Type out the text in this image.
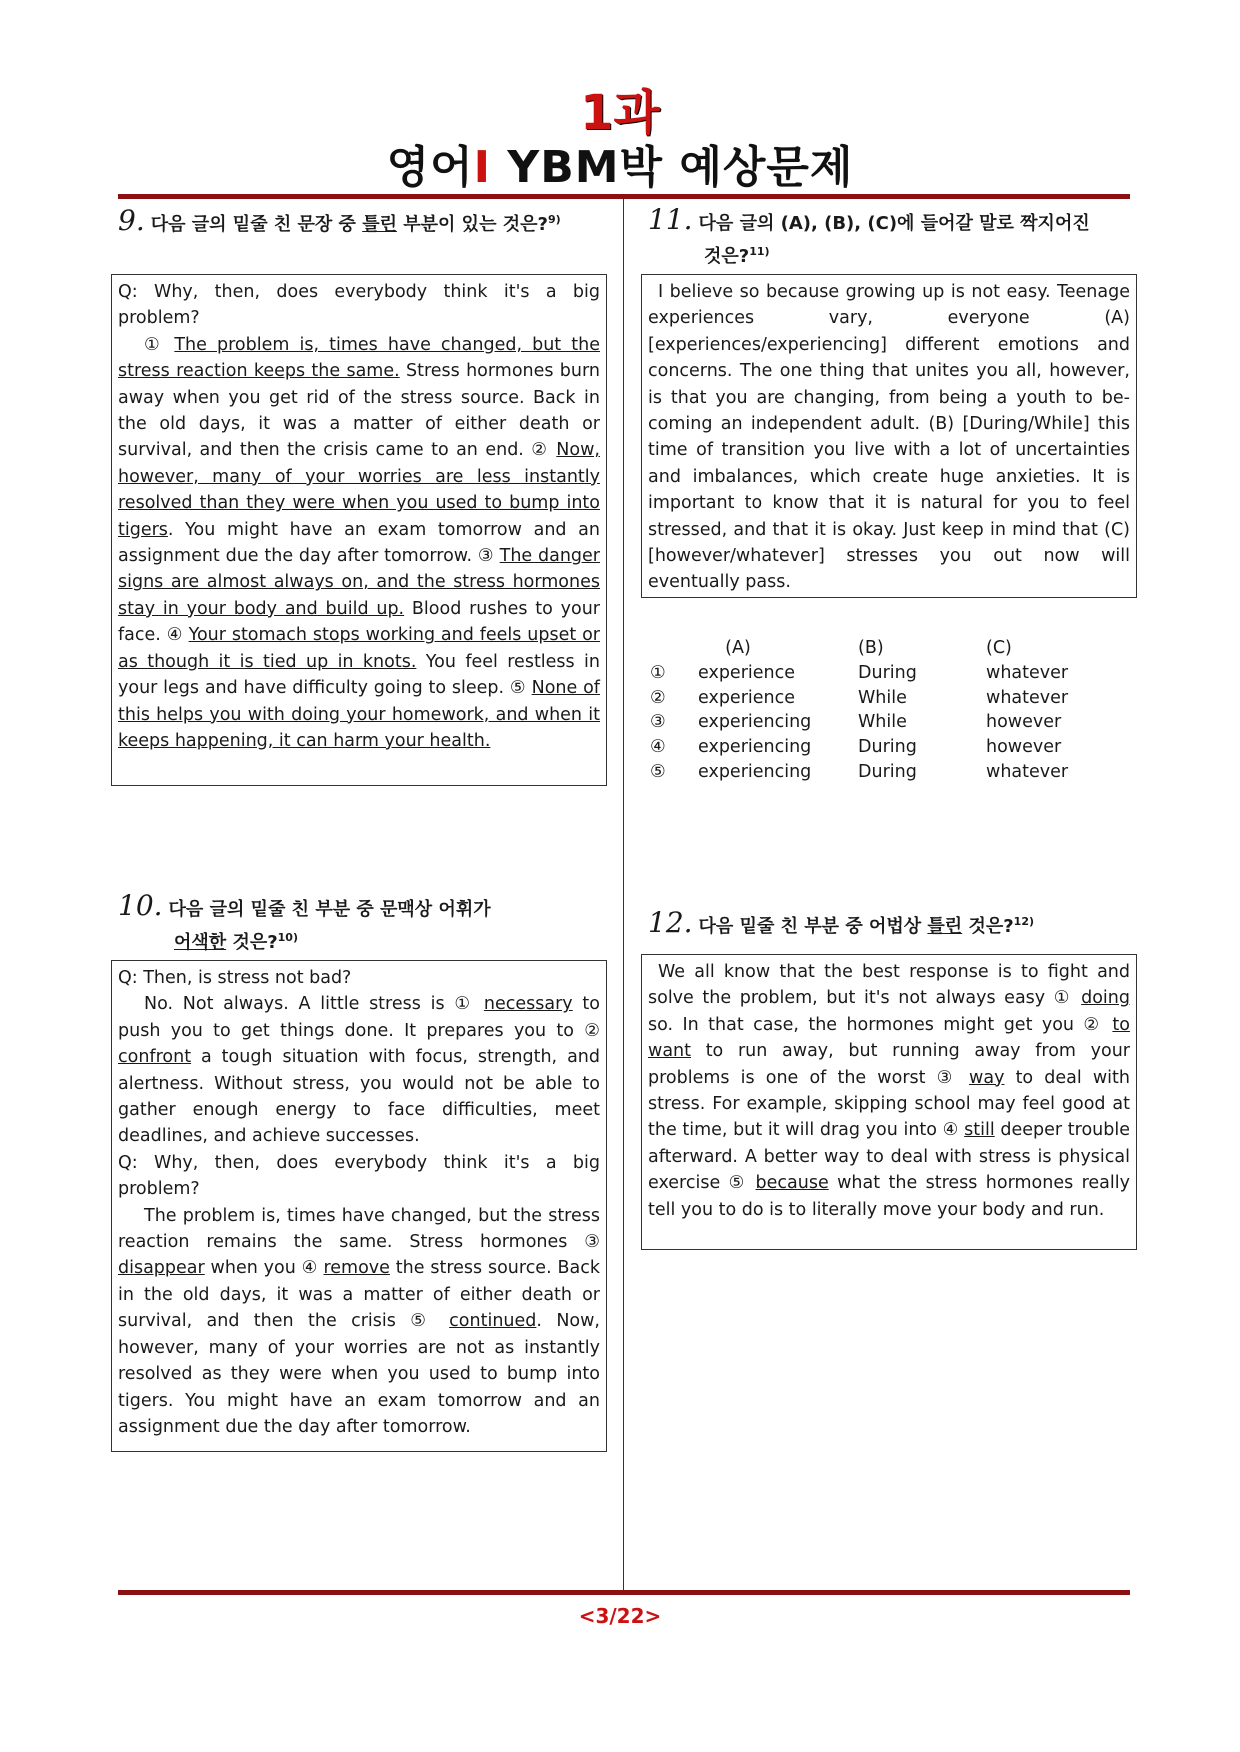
1과
영어I YBM박 예상문제
9. 다음 글의 밑줄 친 문장 중 틀린 부분이 있는 것은?$^{9)}$

Q: Why, then, does everybody think it's a big problem?

① The problem is, times have changed, but the stress reaction keeps the same. Stress hormones burn away when you get rid of the stress source. Back in the old days, it was a matter of either death or survival, and then the crisis came to an end. ② Now, however, many of your worries are less instantly resolved than they were when you used to bump into tigers. You might have an exam tomorrow and an assignment due the day after tomorrow. ③ The danger signs are almost always on, and the stress hormones stay in your body and build up. Blood rushes to your face. ④ Your stomach stops working and feels upset or as though it is tied up in knots. You feel restless in your legs and have difficulty going to sleep. ⑤ None of this helps you with doing your homework, and when it keeps happening, it can harm your health.

10. 다음 글의 밑줄 친 부분 중 문맥상 어휘가
어색한 것은?$^{10)}$

Q: Then, is stress not bad?

No. Not always. A little stress is ① necessary to push you to get things done. It prepares you to ② confront a tough situation with focus, strength, and alertness. Without stress, you would not be able to gather enough energy to face difficulties, meet deadlines, and achieve successes.

Q: Why, then, does everybody think it's a big problem?

The problem is, times have changed, but the stress reaction remains the same. Stress hormones ③ disappear when you ④ remove the stress source. Back in the old days, it was a matter of either death or survival, and then the crisis ⑤ continued. Now, however, many of your worries are not as instantly resolved as they were when you used to bump into tigers. You might have an exam tomorrow and an assignment due the day after tomorrow.

11. 다음 글의 (A), (B), (C)에 들어갈 말로 짝지어진
것은?$^{11)}$

I believe so because growing up is not easy. Teenage experiences vary, everyone (A) [experiences/experiencing] different emotions and concerns. The one thing that unites you all, however, is that you are changing, from being a youth to be-coming an independent adult. (B) [During/While] this time of transition you live with a lot of uncertainties and imbalances, which create huge anxieties. It is important to know that it is natural for you to feel stressed, and that it is okay. Just keep in mind that (C) [however/whatever] stresses you out now will eventually pass.

(A)	(B)	(C)
①	experience	During	whatever
②	experience	While	whatever
③	experiencing	While	however
④	experiencing	During	however
⑤	experiencing	During	whatever
12. 다음 밑줄 친 부분 중 어법상 틀린 것은?$^{12)}$

We all know that the best response is to fight and solve the problem, but it's not always easy ① doing so. In that case, the hormones might get you ② to want to run away, but running away from your problems is one of the worst ③ way to deal with stress. For example, skipping school may feel good at the time, but it will drag you into ④ still deeper trouble afterward. A better way to deal with stress is physical exercise ⑤ because what the stress hormones really tell you to do is to literally move your body and run.

<3/22>
